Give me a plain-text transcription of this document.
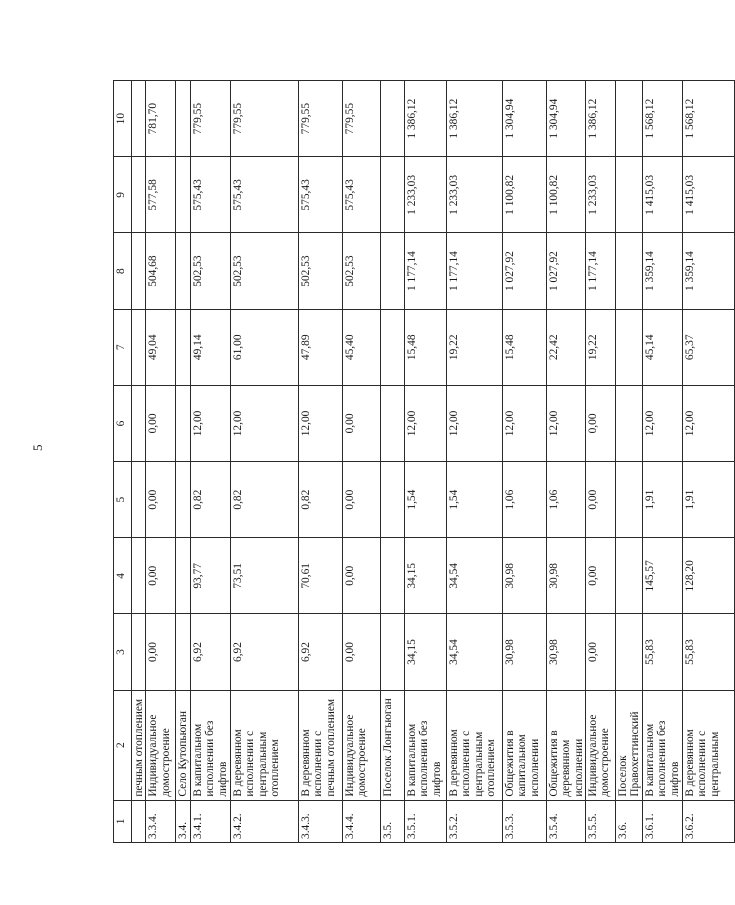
5
1	2	3	4	5	6	7	8	9	10
	печным отоплением								
3.3.4.	Индивидуальное домостроение	0,00	0,00	0,00	0,00	49,04	504,68	577,58	781,70
3.4.	Село Кутопьюган								
3.4.1.	В капитальном исполнении без лифтов	6,92	93,77	0,82	12,00	49,14	502,53	575,43	779,55
3.4.2.	В деревянном исполнении с центральным отоплением	6,92	73,51	0,82	12,00	61,00	502,53	575,43	779,55
3.4.3.	В деревянном исполнении с печным отоплением	6,92	70,61	0,82	12,00	47,89	502,53	575,43	779,55
3.4.4.	Индивидуальное домостроение	0,00	0,00	0,00	0,00	45,40	502,53	575,43	779,55
3.5.	Поселок Лонгъюган								
3.5.1.	В капитальном исполнении без лифтов	34,15	34,15	1,54	12,00	15,48	1 177,14	1 233,03	1 386,12
3.5.2.	В деревянном исполнении с центральным отоплением	34,54	34,54	1,54	12,00	19,22	1 177,14	1 233,03	1 386,12
3.5.3.	Общежития в капитальном исполнении	30,98	30,98	1,06	12,00	15,48	1 027,92	1 100,82	1 304,94
3.5.4.	Общежития в деревянном исполнении	30,98	30,98	1,06	12,00	22,42	1 027,92	1 100,82	1 304,94
3.5.5.	Индивидуальное домостроение	0,00	0,00	0,00	0,00	19,22	1 177,14	1 233,03	1 386,12
3.6.	Поселок Правохеттинский								
3.6.1.	В капитальном исполнении без лифтов	55,83	145,57	1,91	12,00	45,14	1 359,14	1 415,03	1 568,12
3.6.2.	В деревянном исполнении с центральным	55,83	128,20	1,91	12,00	65,37	1 359,14	1 415,03	1 568,12
